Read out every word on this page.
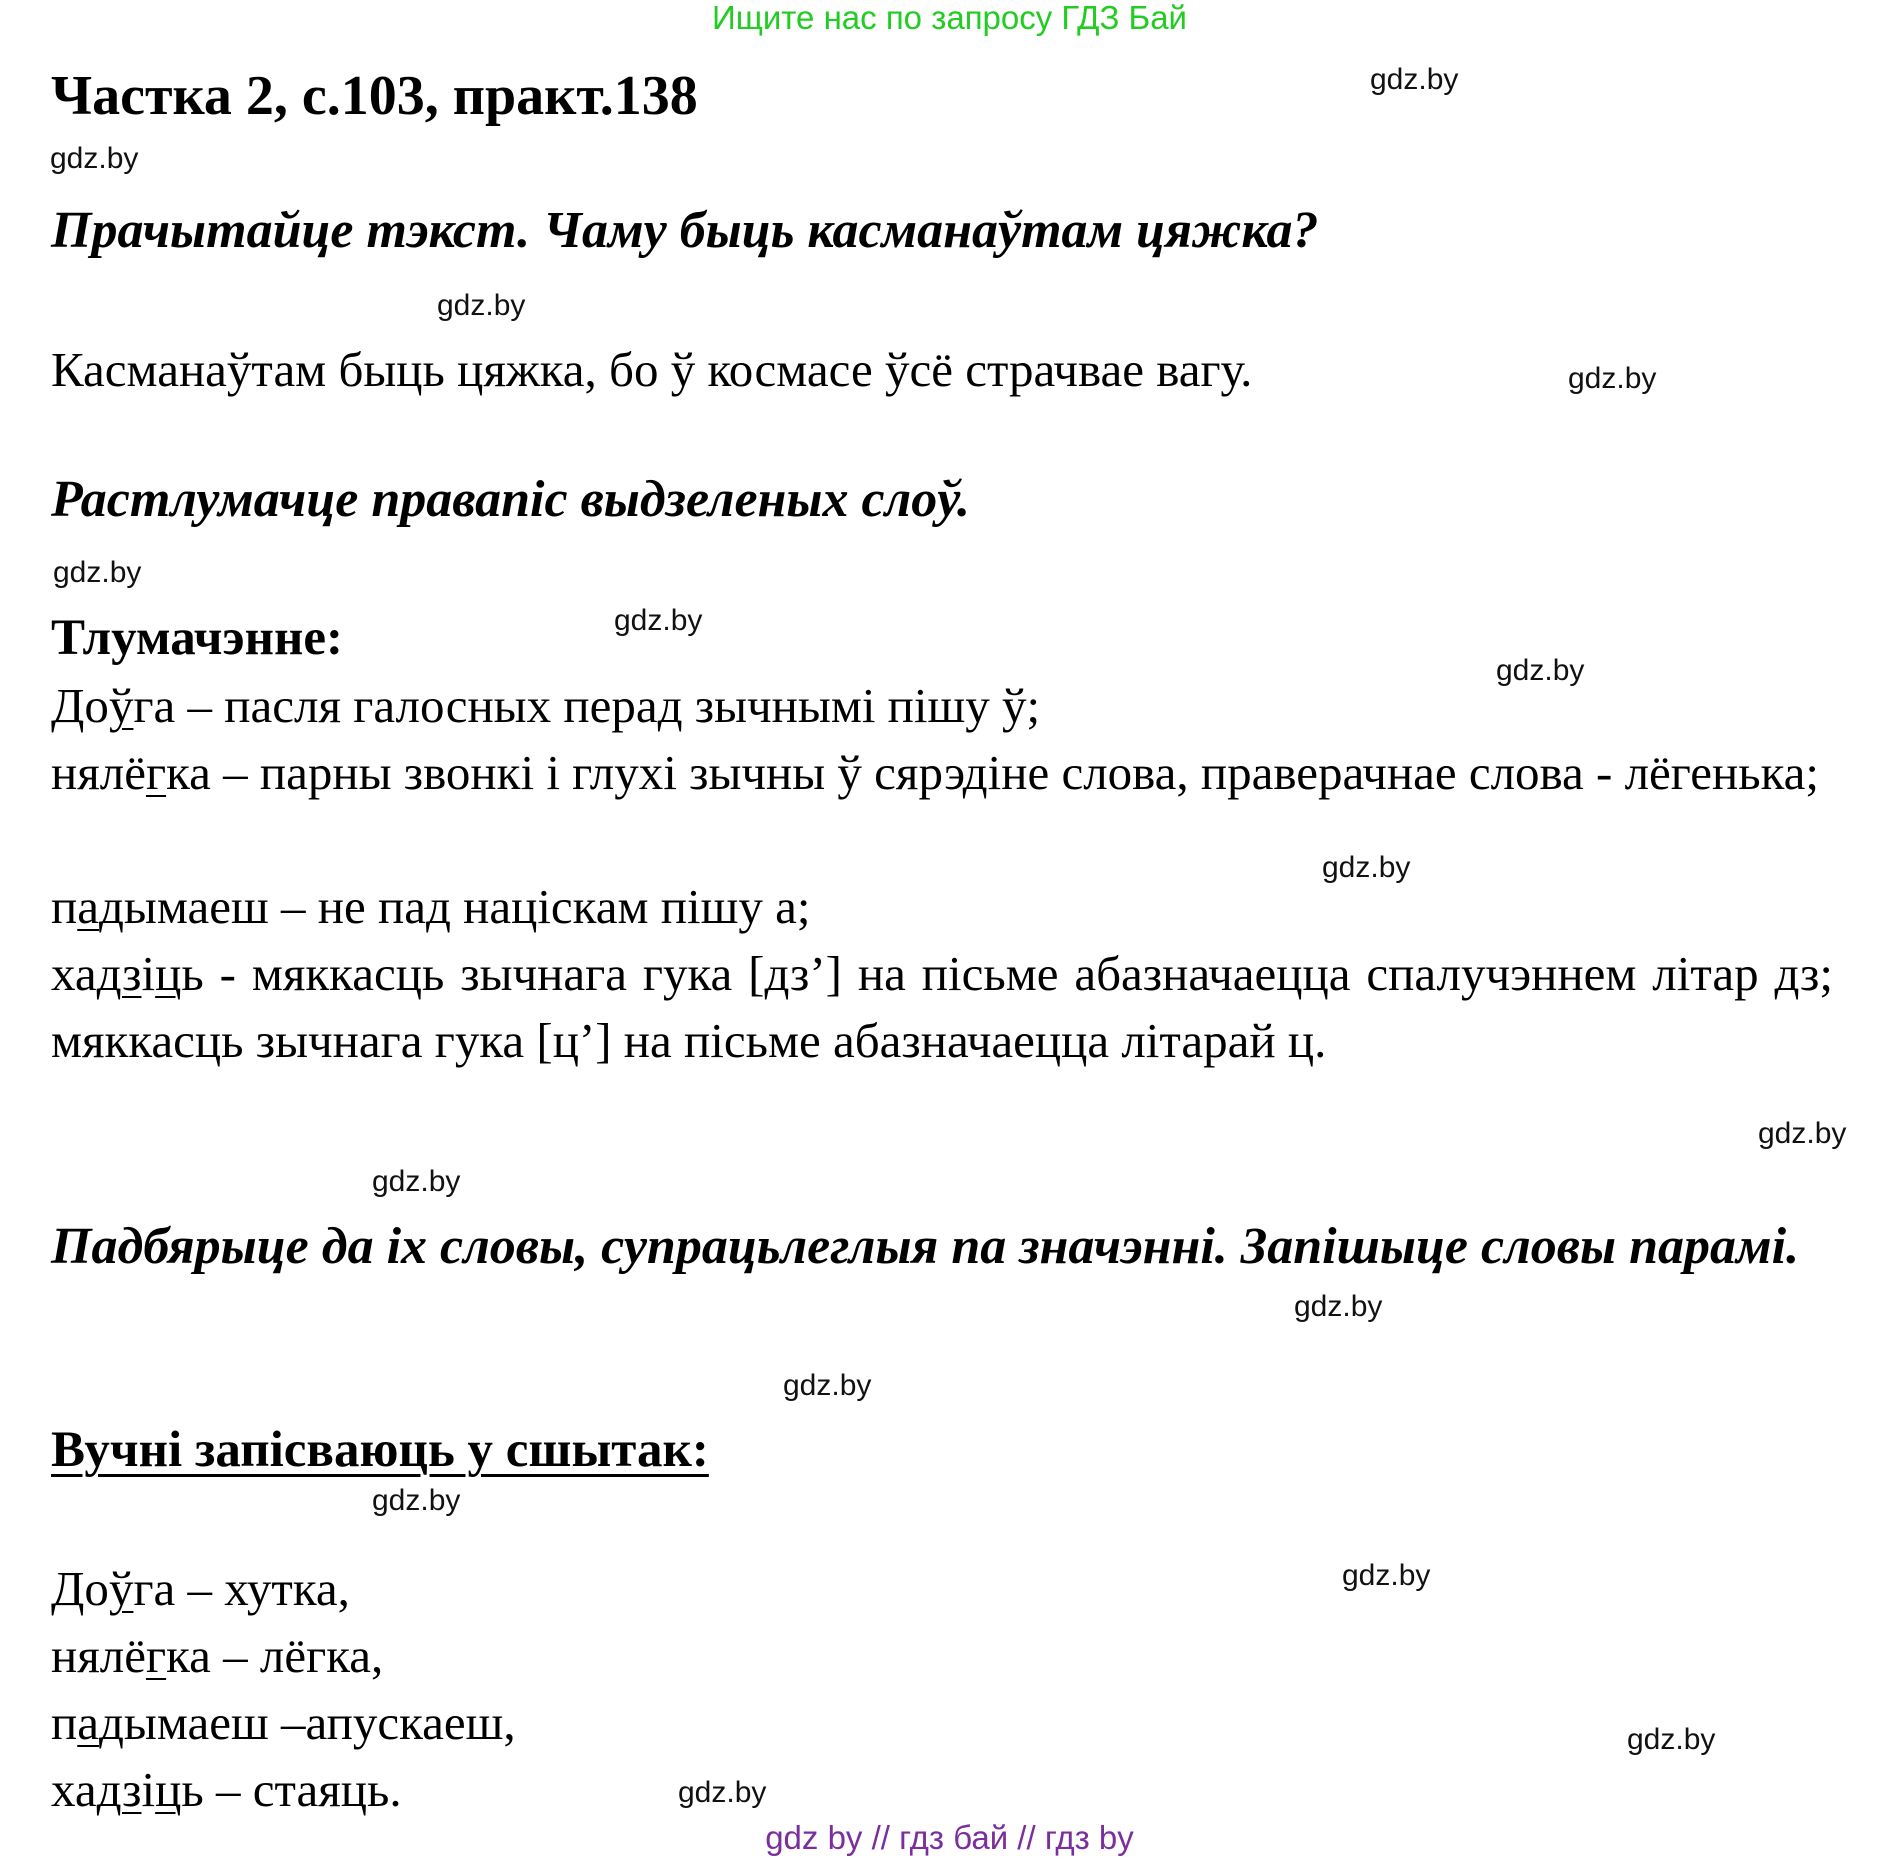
Ищите нас по запросу ГДЗ Бай
gdz.by
gdz.by
gdz.by
gdz.by
gdz.by
gdz.by
gdz.by
gdz.by
gdz.by
gdz.by
gdz.by
gdz.by
gdz.by
gdz.by
gdz.by
gdz.by
Частка 2, с.103, практ.138
Прачытайце тэкст. Чаму быць касманаўтам цяжка?
Касманаўтам быць цяжка, бо ў космасе ўсё страчвае вагу.
Растлумачце правапіс выдзеленых слоў.
Тлумачэнне:
Доўга – пасля галосных перад зычнымі пішу ў;
нялёгка – парны звонкі і глухі зычны ў сярэдіне слова, праверачнае слова - лёгенька;
падымаеш – не пад націскам пішу а;
хадзіць - мяккасць зычнага гука [дз’] на пісьме абазначаецца спалучэннем літар дз; мяккасць зычнага гука [ц’] на пісьме абазначаецца літарай ц.
Падбярыце да іх словы, супрацьлеглыя па значэнні. Запішыце словы парамі.
Вучні запісваюць у сшытак:
Доўга – хутка,
нялёгка – лёгка,
падымаеш –апускаеш,
хадзіць – стаяць.
gdz by // гдз бай // гдз by
